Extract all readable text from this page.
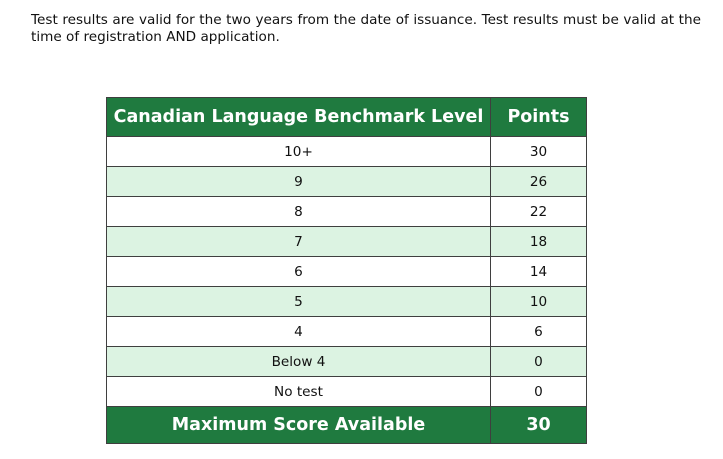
Test results are valid for the two years from the date of issuance. Test results must be valid at the time of registration AND application.

Canadian Language Benchmark Level	Points
10+	30
9	26
8	22
7	18
6	14
5	10
4	6
Below 4	0
No test	0
Maximum Score Available	30
